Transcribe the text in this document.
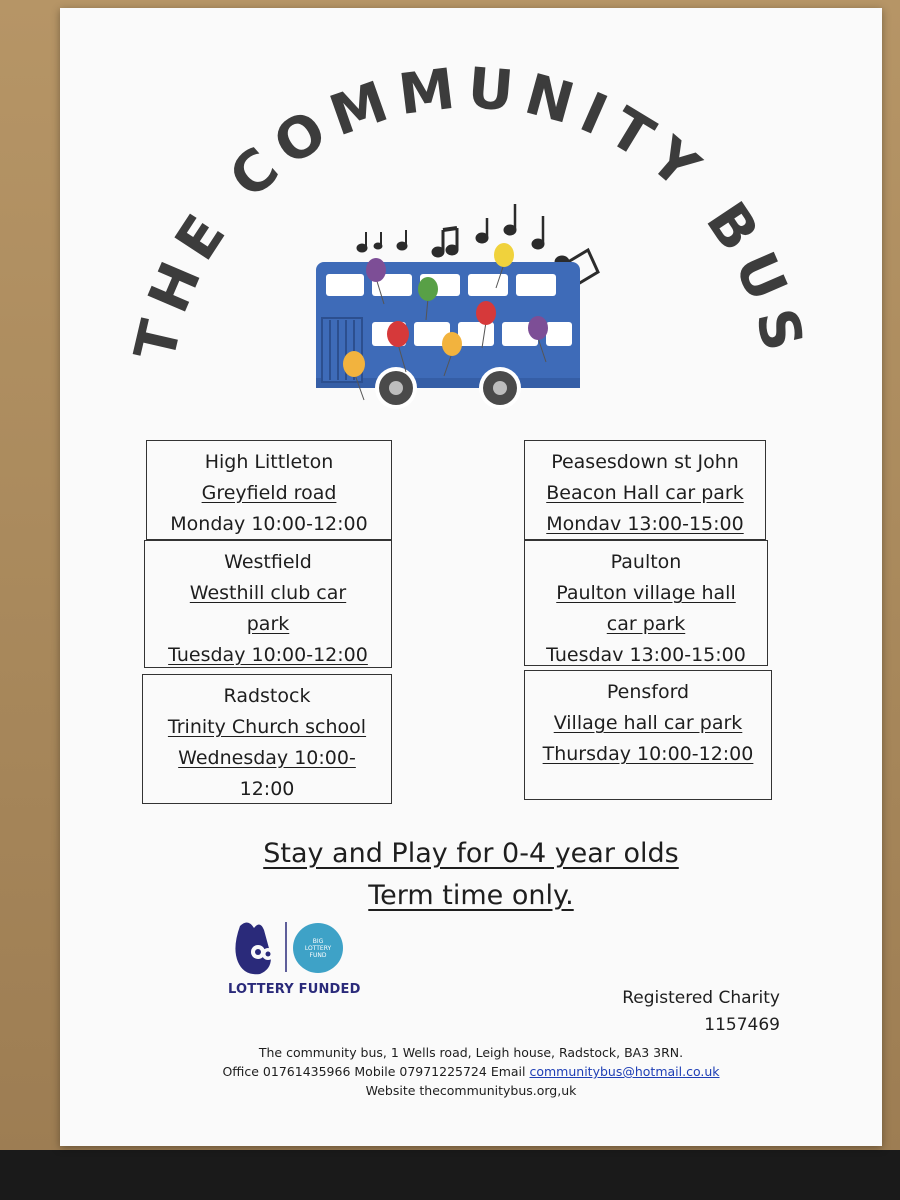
THE COMMUNITY BUS
High Littleton
Greyfield road
Monday 10:00-12:00
Westfield
Westhill club car
park
Tuesday 10:00-12:00
Radstock
Trinity Church school
Wednesday 10:00-
12:00
Peasesdown st John
Beacon Hall car park
Mondav 13:00-15:00
Paulton
Paulton village hall
car park
Tuesdav 13:00-15:00
Pensford
Village hall car park
Thursday 10:00-12:00
Stay and Play for 0-4 year olds
Term time only.
BIG
LOTTERY
FUND
LOTTERY FUNDED	Registered Charity
1157469
The community bus, 1 Wells road, Leigh house, Radstock, BA3 3RN.
Office 01761435966 Mobile 07971225724 Email communitybus@hotmail.co.uk
Website thecommunitybus.org,uk
